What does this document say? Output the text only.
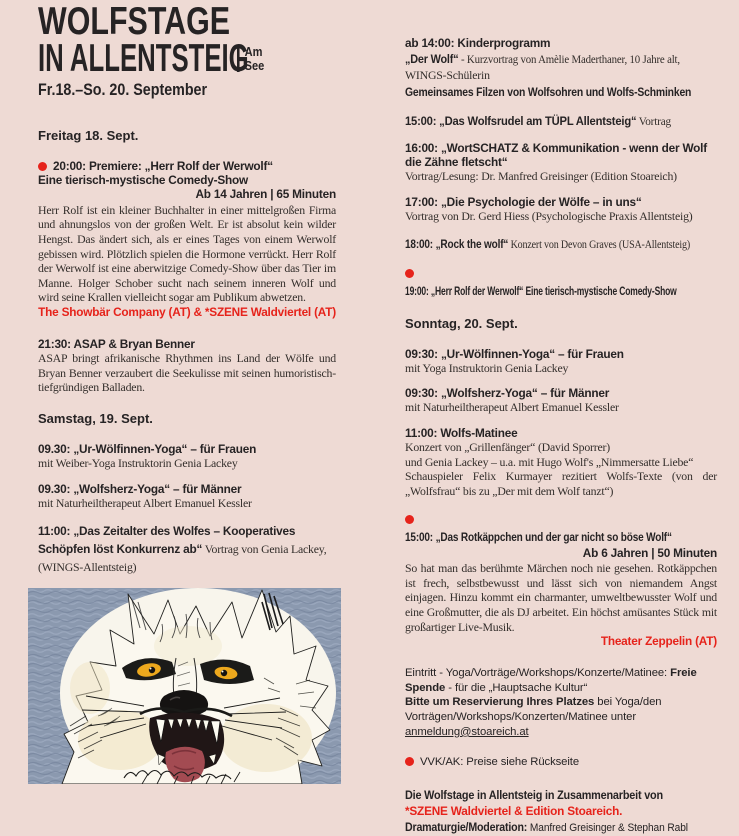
WOLFSTAGE
IN ALLENTSTEIG
Am
See
Fr.18.–So. 20. September

Freitag 18. Sept.

20:00: Premiere: „Herr Rolf der Werwolf“

Eine tierisch-mystische Comedy-Show

Ab 14 Jahren | 65 Minuten

Herr Rolf ist ein kleiner Buchhalter in einer mittelgroßen Firma und ahnungslos von der großen Welt. Er ist absolut kein wilder Hengst. Das ändert sich, als er eines Tages von einem Werwolf gebissen wird. Plötzlich spielen die Hormone verrückt. Herr Rolf der Werwolf ist eine aberwitzige Comedy-Show über das Tier im Manne. Holger Schober sucht nach seinem inneren Wolf und wird seine Krallen vielleicht sogar am Publikum abwetzen.

The Showbär Company (AT) & *SZENE Waldviertel (AT)

21:30: ASAP & Bryan Benner

ASAP bringt afrikanische Rhythmen ins Land der Wölfe und Bryan Benner verzaubert die Seekulisse mit seinen humoristisch-tiefgründigen Balladen.

Samstag, 19. Sept.

09.30: „Ur-Wölfinnen-Yoga“ – für Frauen

mit Weiber-Yoga Instruktorin Genia Lackey

09.30: „Wolfsherz-Yoga“ – für Männer

mit Naturheiltherapeut Albert Emanuel Kessler

11:00: „Das Zeitalter des Wolfes – Kooperatives Schöpfen löst Konkurrenz ab“ Vortrag von Genia Lackey, (WINGS-Allentsteig)

ab 14:00: Kinderprogramm

„Der Wolf“ - Kurzvortrag von Amèlie Maderthaner, 10 Jahre alt,

WINGS-Schülerin

Gemeinsames Filzen von Wolfsohren und Wolfs-Schminken

15:00: „Das Wolfsrudel am TÜPL Allentsteig“ Vortrag

16:00: „WortSCHATZ & Kommunikation - wenn der Wolf die Zähne fletscht“

Vortrag/Lesung: Dr. Manfred Greisinger (Edition Stoareich)

17:00: „Die Psychologie der Wölfe – in uns“

Vortrag von Dr. Gerd Hiess (Psychologische Praxis Allentsteig)

18:00: „Rock the wolf“ Konzert von Devon Graves (USA-Allentsteig)

19:00: „Herr Rolf der Werwolf“ Eine tierisch-mystische Comedy-Show

Sonntag, 20. Sept.

09:30: „Ur-Wölfinnen-Yoga“ – für Frauen

mit Yoga Instruktorin Genia Lackey

09:30: „Wolfsherz-Yoga“ – für Männer

mit Naturheiltherapeut Albert Emanuel Kessler

11:00: Wolfs-Matinee

Konzert von „Grillenfänger“ (David Sporrer)

und Genia Lackey – u.a. mit Hugo Wolf's „Nimmersatte Liebe“

Schauspieler Felix Kurmayer rezitiert Wolfs-Texte (von der „Wolfsfrau“ bis zu „Der mit dem Wolf tanzt“)

15:00: „Das Rotkäppchen und der gar nicht so böse Wolf“

Ab 6 Jahren | 50 Minuten

So hat man das berühmte Märchen noch nie gesehen. Rotkäppchen ist frech, selbstbewusst und lässt sich von niemandem Angst einjagen. Hinzu kommt ein charmanter, umweltbewusster Wolf und eine Großmutter, die als DJ arbeitet. Ein höchst amüsantes Stück mit großartiger Live-Musik.

Theater Zeppelin (AT)

Eintritt - Yoga/Vorträge/Workshops/Konzerte/Matinee: Freie Spende - für die „Hauptsache Kultur“

Bitte um Reservierung Ihres Platzes bei Yoga/den Vorträgen/Workshops/Konzerten/Matinee unter anmeldung@stoareich.at

VVK/AK: Preise siehe Rückseite

Die Wolfstage in Allentsteig in Zusammenarbeit von

*SZENE Waldviertel & Edition Stoareich.

Dramaturgie/Moderation: Manfred Greisinger & Stephan Rabl
